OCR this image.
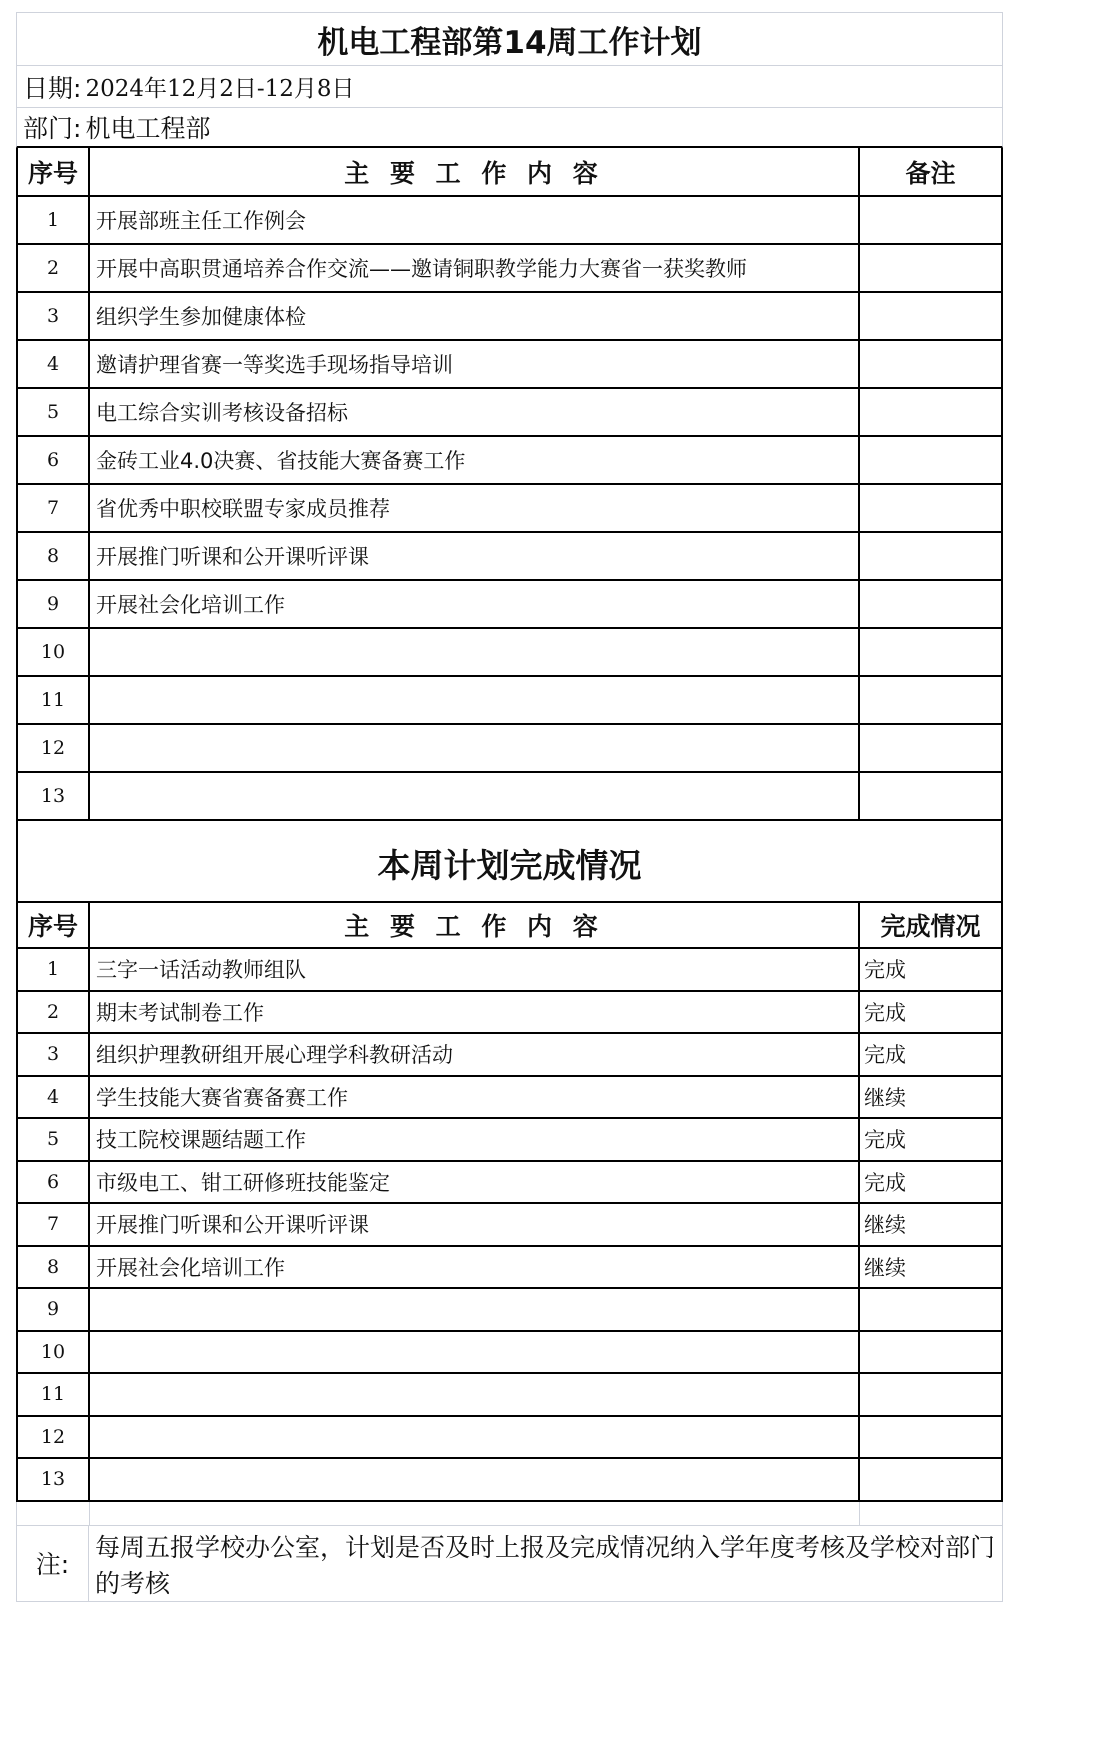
机电工程部第14周工作计划
日期: 2024年12月2日-12月8日
部门: 机电工程部
序号	主 要 工 作 内 容	备注
1	开展部班主任工作例会
2	开展中高职贯通培养合作交流——邀请铜职教学能力大赛省一获奖教师
3	组织学生参加健康体检
4	邀请护理省赛一等奖选手现场指导培训
5	电工综合实训考核设备招标
6	金砖工业4.0决赛、省技能大赛备赛工作
7	省优秀中职校联盟专家成员推荐
8	开展推门听课和公开课听评课
9	开展社会化培训工作
10
11
12
13
本周计划完成情况
序号	主 要 工 作 内 容	完成情况
1	三字一话活动教师组队	完成
2	期末考试制卷工作	完成
3	组织护理教研组开展心理学科教研活动	完成
4	学生技能大赛省赛备赛工作	继续
5	技工院校课题结题工作	完成
6	市级电工、钳工研修班技能鉴定	完成
7	开展推门听课和公开课听评课	继续
8	开展社会化培训工作	继续
9
10
11
12
13
注:
每周五报学校办公室，计划是否及时上报及完成情况纳入学年度考核及学校对部门的考核
